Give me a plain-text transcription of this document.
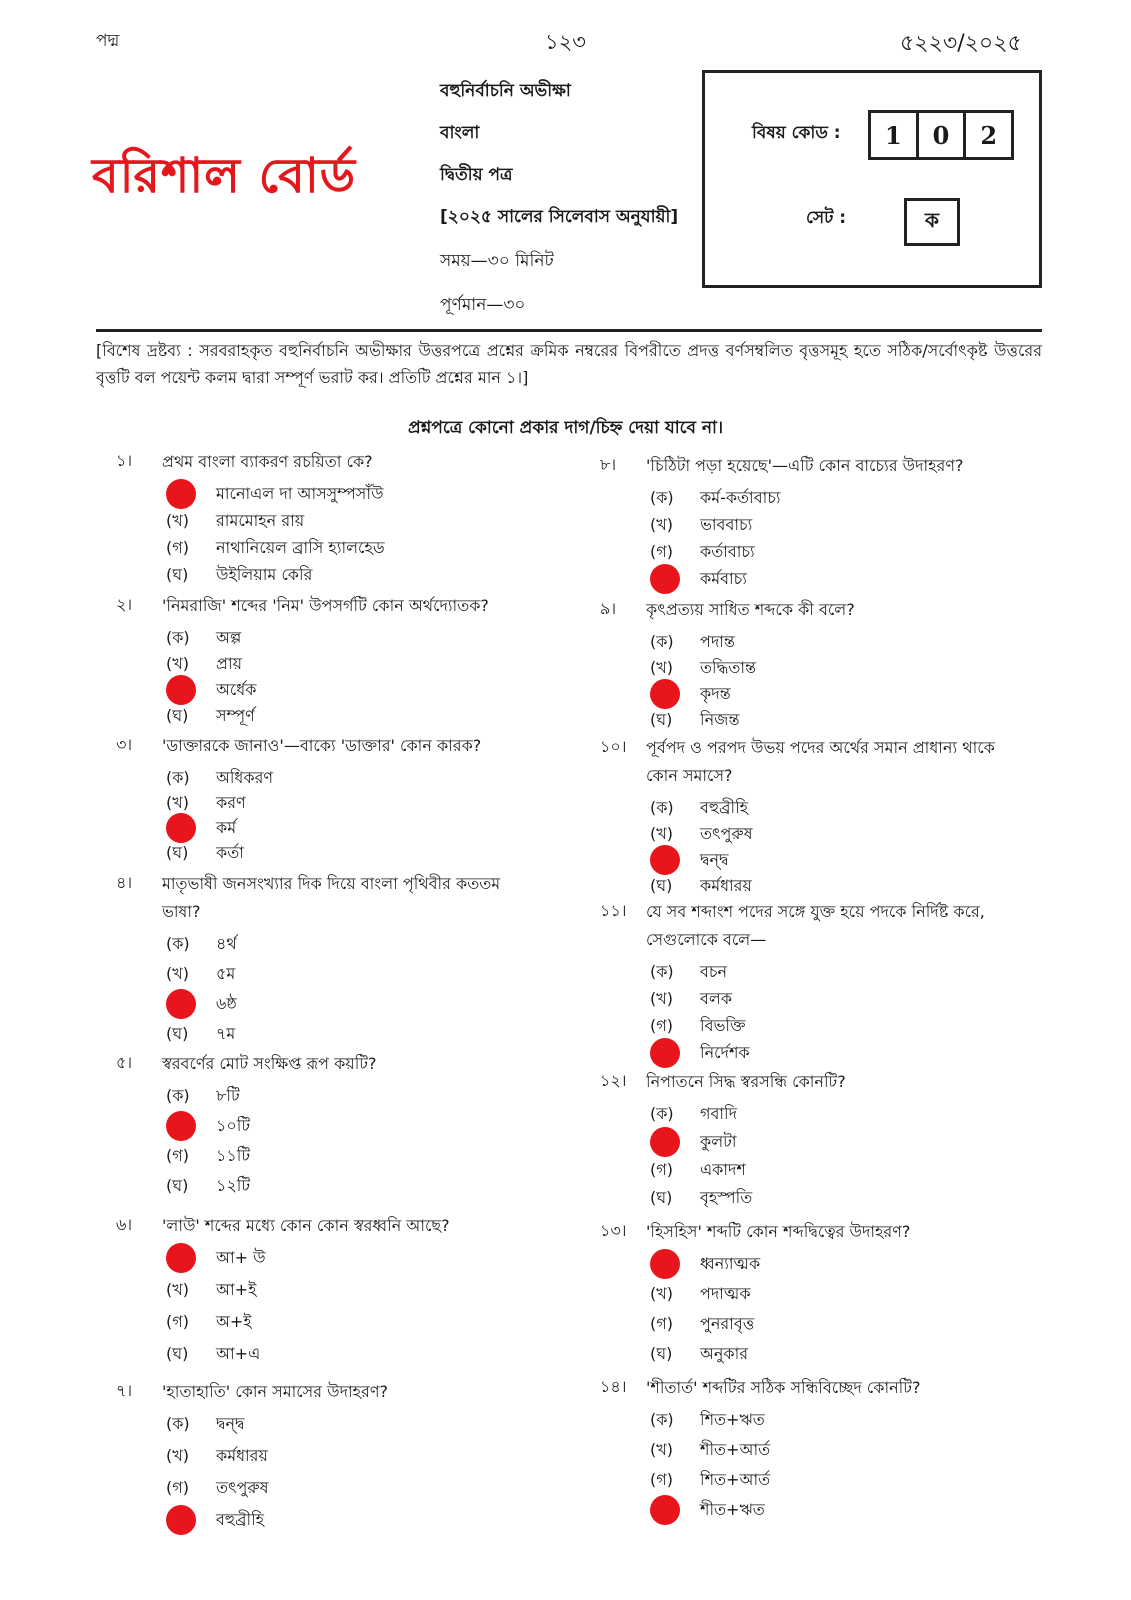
পদ্ম	১২৩	৫২২৩/২০২৫
বরিশাল বোর্ড
বহুনির্বাচনি অভীক্ষা
বাংলা
দ্বিতীয় পত্র
[২০২৫ সালের সিলেবাস অনুযায়ী]
সময়—৩০ মিনিট
পূর্ণমান—৩০
বিষয় কোড :	1	0	2
সেট :	ক
[বিশেষ দ্রষ্টব্য : সরবরাহকৃত বহুনির্বাচনি অভীক্ষার উত্তরপত্রে প্রশ্নের ক্রমিক নম্বরের বিপরীতে প্রদত্ত বর্ণসম্বলিত বৃত্তসমূহ হতে সঠিক/সর্বোৎকৃষ্ট উত্তরের বৃত্তটি বল পয়েন্ট কলম দ্বারা সম্পূর্ণ ভরাট কর। প্রতিটি প্রশ্নের মান ১।]
প্রশ্নপত্রে কোনো প্রকার দাগ/চিহ্ন দেয়া যাবে না।
১। প্রথম বাংলা ব্যাকরণ রচয়িতা কে?
মানোএল দা আসসুম্পসাঁউ
(খ)	রামমোহন রায়
(গ)	নাথানিয়েল ব্রাসি হ্যালহেড
(ঘ)	উইলিয়াম কেরি
২। 'নিমরাজি' শব্দের 'নিম' উপসর্গটি কোন অর্থদ্যোতক?
(ক)	অল্প
(খ)	প্রায়
অর্ধেক
(ঘ)	সম্পূর্ণ
৩। 'ডাক্তারকে জানাও'—বাক্যে 'ডাক্তার' কোন কারক?
(ক)	অধিকরণ
(খ)	করণ
কর্ম
(ঘ)	কর্তা
৪। মাতৃভাষী জনসংখ্যার দিক দিয়ে বাংলা পৃথিবীর কততম ভাষা?
(ক)	৪র্থ
(খ)	৫ম
৬ষ্ঠ
(ঘ)	৭ম
৫। স্বরবর্ণের মোট সংক্ষিপ্ত রূপ কয়টি?
(ক)	৮টি
১০টি
(গ)	১১টি
(ঘ)	১২টি
৬। 'লাউ' শব্দের মধ্যে কোন কোন স্বরধ্বনি আছে?
আ+ উ
(খ)	আ+ই
(গ)	অ+ই
(ঘ)	আ+এ
৭। 'হাতাহাতি' কোন সমাসের উদাহরণ?
(ক)	দ্বন্দ্ব
(খ)	কর্মধারয়
(গ)	তৎপুরুষ
বহুব্রীহি
৮। 'চিঠিটা পড়া হয়েছে'—এটি কোন বাচ্যের উদাহরণ?
(ক)	কর্ম-কর্তাবাচ্য
(খ)	ভাববাচ্য
(গ)	কর্তাবাচ্য
কর্মবাচ্য
৯। কৃৎপ্রত্যয় সাধিত শব্দকে কী বলে?
(ক)	পদান্ত
(খ)	তদ্ধিতান্ত
কৃদন্ত
(ঘ)	নিজন্ত
১০। পূর্বপদ ও পরপদ উভয় পদের অর্থের সমান প্রাধান্য থাকে কোন সমাসে?
(ক)	বহুব্রীহি
(খ)	তৎপুরুষ
দ্বন্দ্ব
(ঘ)	কর্মধারয়
১১। যে সব শব্দাংশ পদের সঙ্গে যুক্ত হয়ে পদকে নির্দিষ্ট করে, সেগুলোকে বলে—
(ক)	বচন
(খ)	বলক
(গ)	বিভক্তি
নির্দেশক
১২। নিপাতনে সিদ্ধ স্বরসন্ধি কোনটি?
(ক)	গবাদি
কুলটা
(গ)	একাদশ
(ঘ)	বৃহস্পতি
১৩। 'হিসহিস' শব্দটি কোন শব্দদ্বিত্বের উদাহরণ?
ধ্বন্যাত্মক
(খ)	পদাত্মক
(গ)	পুনরাবৃত্ত
(ঘ)	অনুকার
১৪। 'শীতার্ত' শব্দটির সঠিক সন্ধিবিচ্ছেদ কোনটি?
(ক)	শিত+ঋত
(খ)	শীত+আর্ত
(গ)	শিত+আর্ত
শীত+ঋত
